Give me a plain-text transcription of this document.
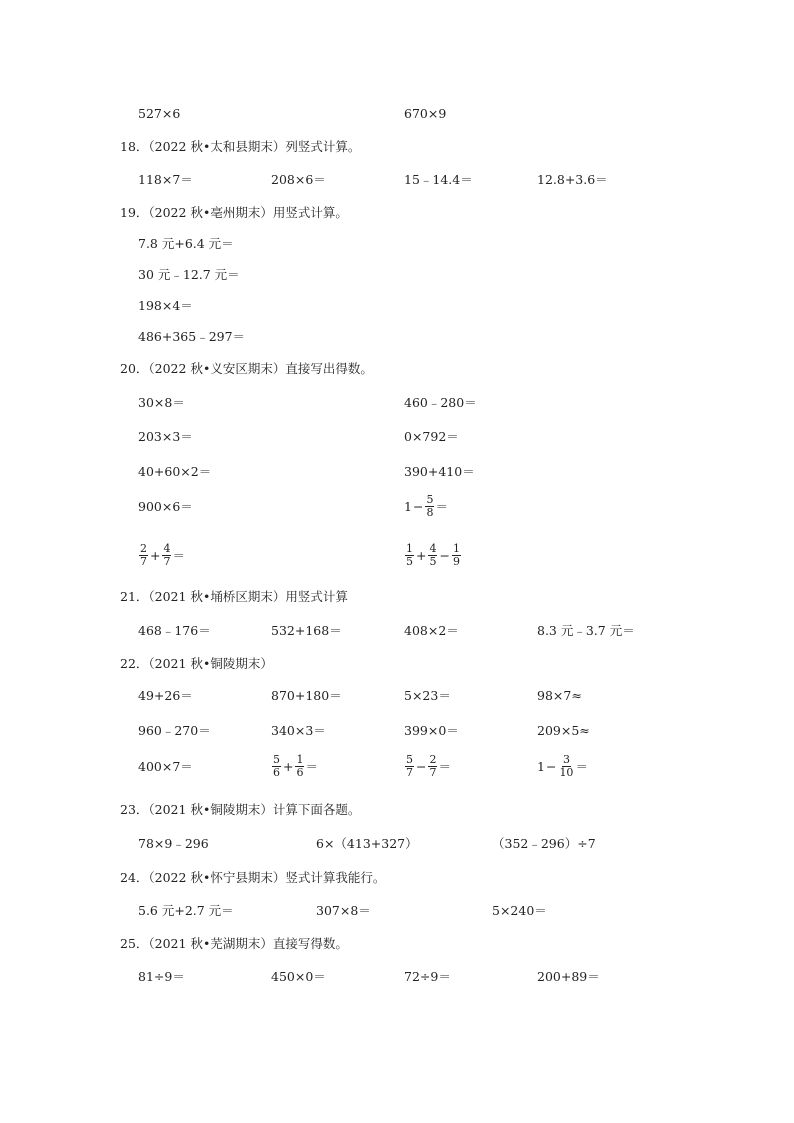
527×6	670×9
18．（2022 秋•太和县期末）列竖式计算。
118×7＝	208×6＝	15﹣14.4＝	12.8+3.6＝
19．（2022 秋•亳州期末）用竖式计算。
7.8 元+6.4 元＝
30 元﹣12.7 元＝
198×4＝
486+365﹣297＝
20．（2022 秋•义安区期末）直接写出得数。
30×8＝	460﹣280＝
203×3＝	0×792＝
40+60×2＝	390+410＝
900×6＝	$1 - \frac{5}{8}$ ＝
$\frac{2}{7} + \frac{4}{7}$ ＝	$\frac{1}{5} + \frac{4}{5} - \frac{1}{9}$
21．（2021 秋•埇桥区期末）用竖式计算
468﹣176＝	532+168＝	408×2＝	8.3 元﹣3.7 元＝
22．（2021 秋•铜陵期末）
49+26＝	870+180＝	5×23＝	98×7≈
960﹣270＝	340×3＝	399×0＝	209×5≈
400×7＝	$\frac{5}{6} + \frac{1}{6}$ ＝	$\frac{5}{7} - \frac{2}{7}$ ＝	$1 - \frac{3}{10}$ ＝
23．（2021 秋•铜陵期末）计算下面各题。
78×9﹣296	6×（413+327）	（352﹣296）÷7
24．（2022 秋•怀宁县期末）竖式计算我能行。
5.6 元+2.7 元＝	307×8＝	5×240＝
25．（2021 秋•芜湖期末）直接写得数。
81÷9＝	450×0＝	72÷9＝	200+89＝
